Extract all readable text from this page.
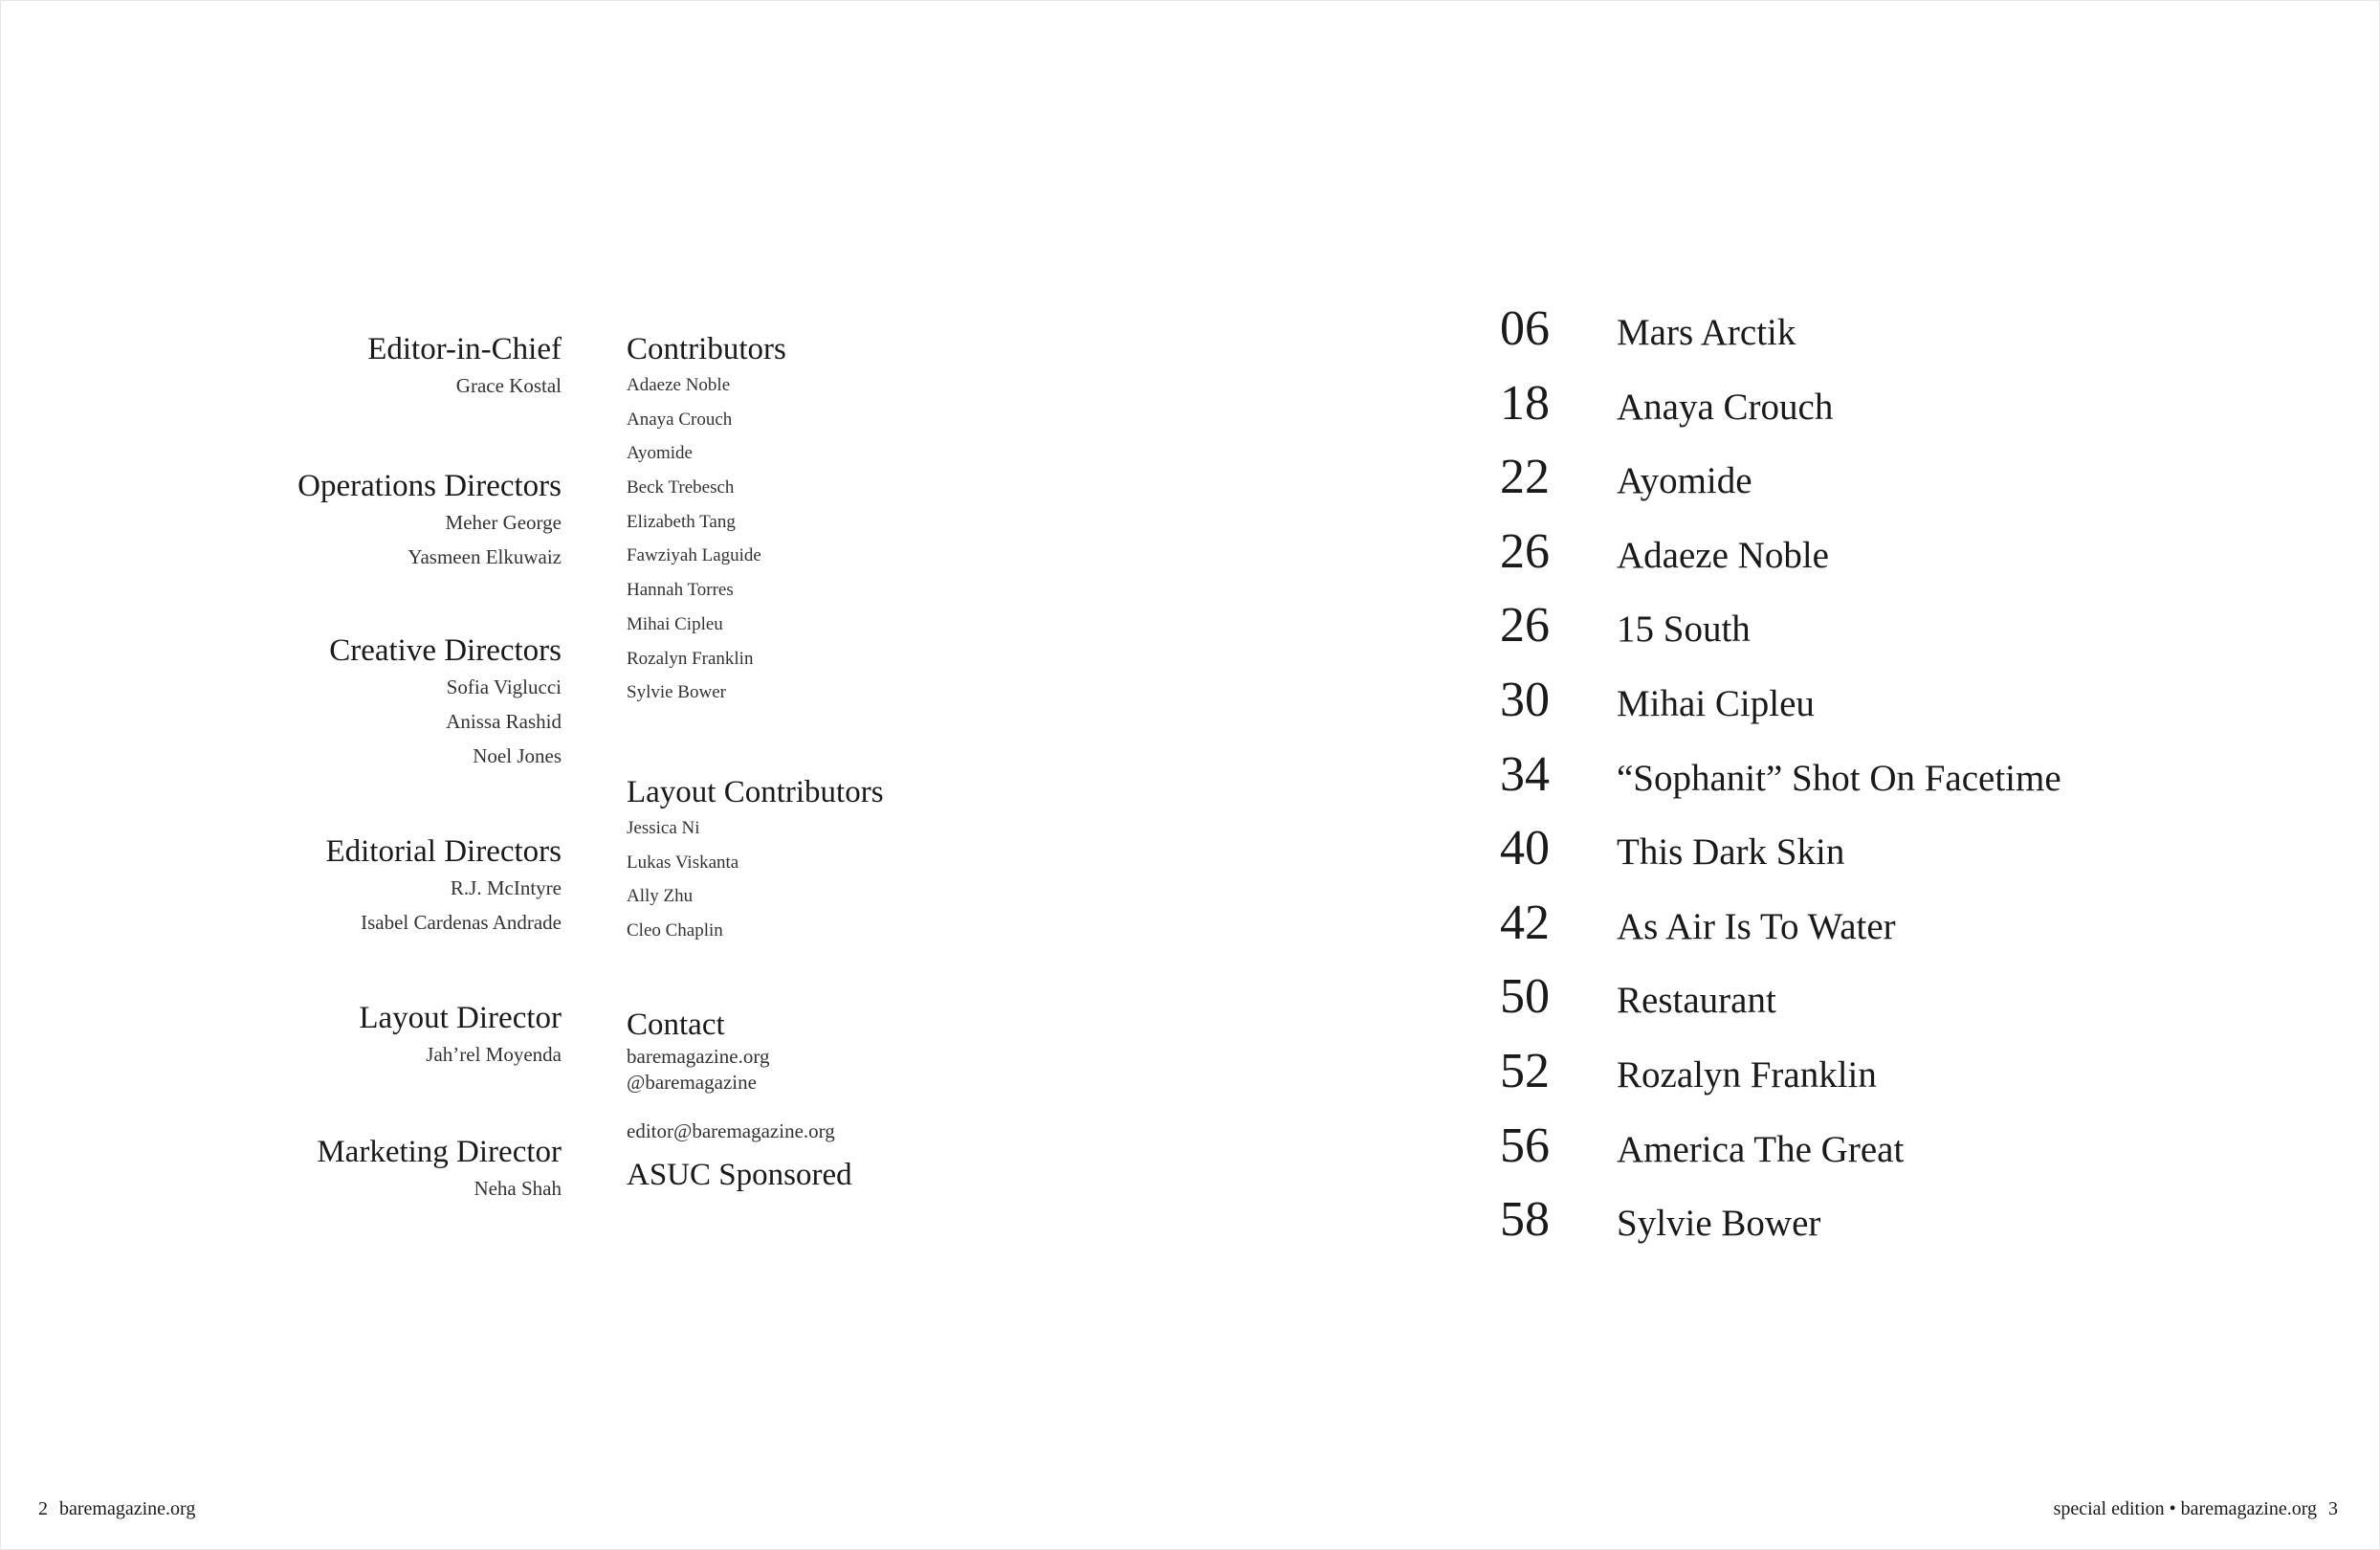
Editor-in-Chief
Grace Kostal
Operations Directors
Meher George
Yasmeen Elkuwaiz
Creative Directors
Sofia Viglucci
Anissa Rashid
Noel Jones
Editorial Directors
R.J. McIntyre
Isabel Cardenas Andrade
Layout Director
Jah’rel Moyenda
Marketing Director
Neha Shah
Contributors
Adaeze Noble
Anaya Crouch
Ayomide
Beck Trebesch
Elizabeth Tang
Fawziyah Laguide
Hannah Torres
Mihai Cipleu
Rozalyn Franklin
Sylvie Bower
Layout Contributors
Jessica Ni
Lukas Viskanta
Ally Zhu
Cleo Chaplin
Contact
baremagazine.org
@baremagazine
editor@baremagazine.org
ASUC Sponsored
06	Mars Arctik
18	Anaya Crouch
22	Ayomide
26	Adaeze Noble
26	15 South
30	Mihai Cipleu
34	“Sophanit” Shot On Facetime
40	This Dark Skin
42	As Air Is To Water
50	Restaurant
52	Rozalyn Franklin
56	America The Great
58	Sylvie Bower
2 baremagazine.org	special edition • baremagazine.org 3
